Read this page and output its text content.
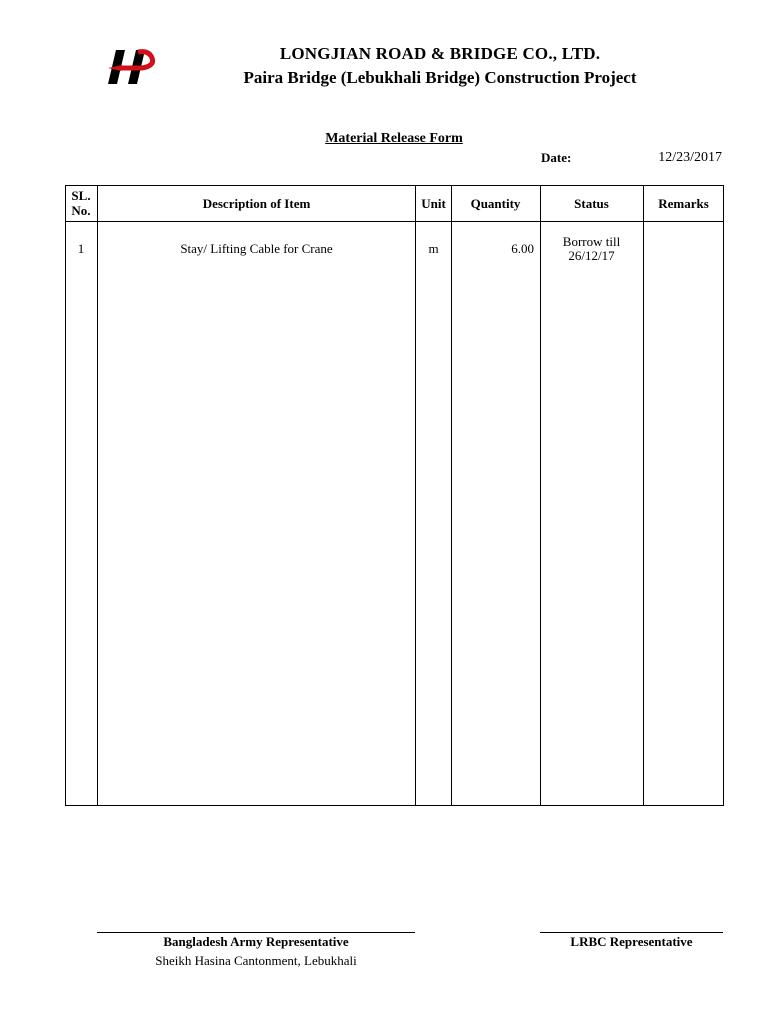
LONGJIAN ROAD & BRIDGE CO., LTD.
Paira Bridge (Lebukhali Bridge) Construction Project
Material Release Form
Date:	12/23/2017
SL. No.	Description of Item	Unit	Quantity	Status	Remarks
1	Stay/ Lifting Cable for Crane	m	6.00	Borrow till 26/12/17
Bangladesh Army Representative
Sheikh Hasina Cantonment, Lebukhali
LRBC Representative
